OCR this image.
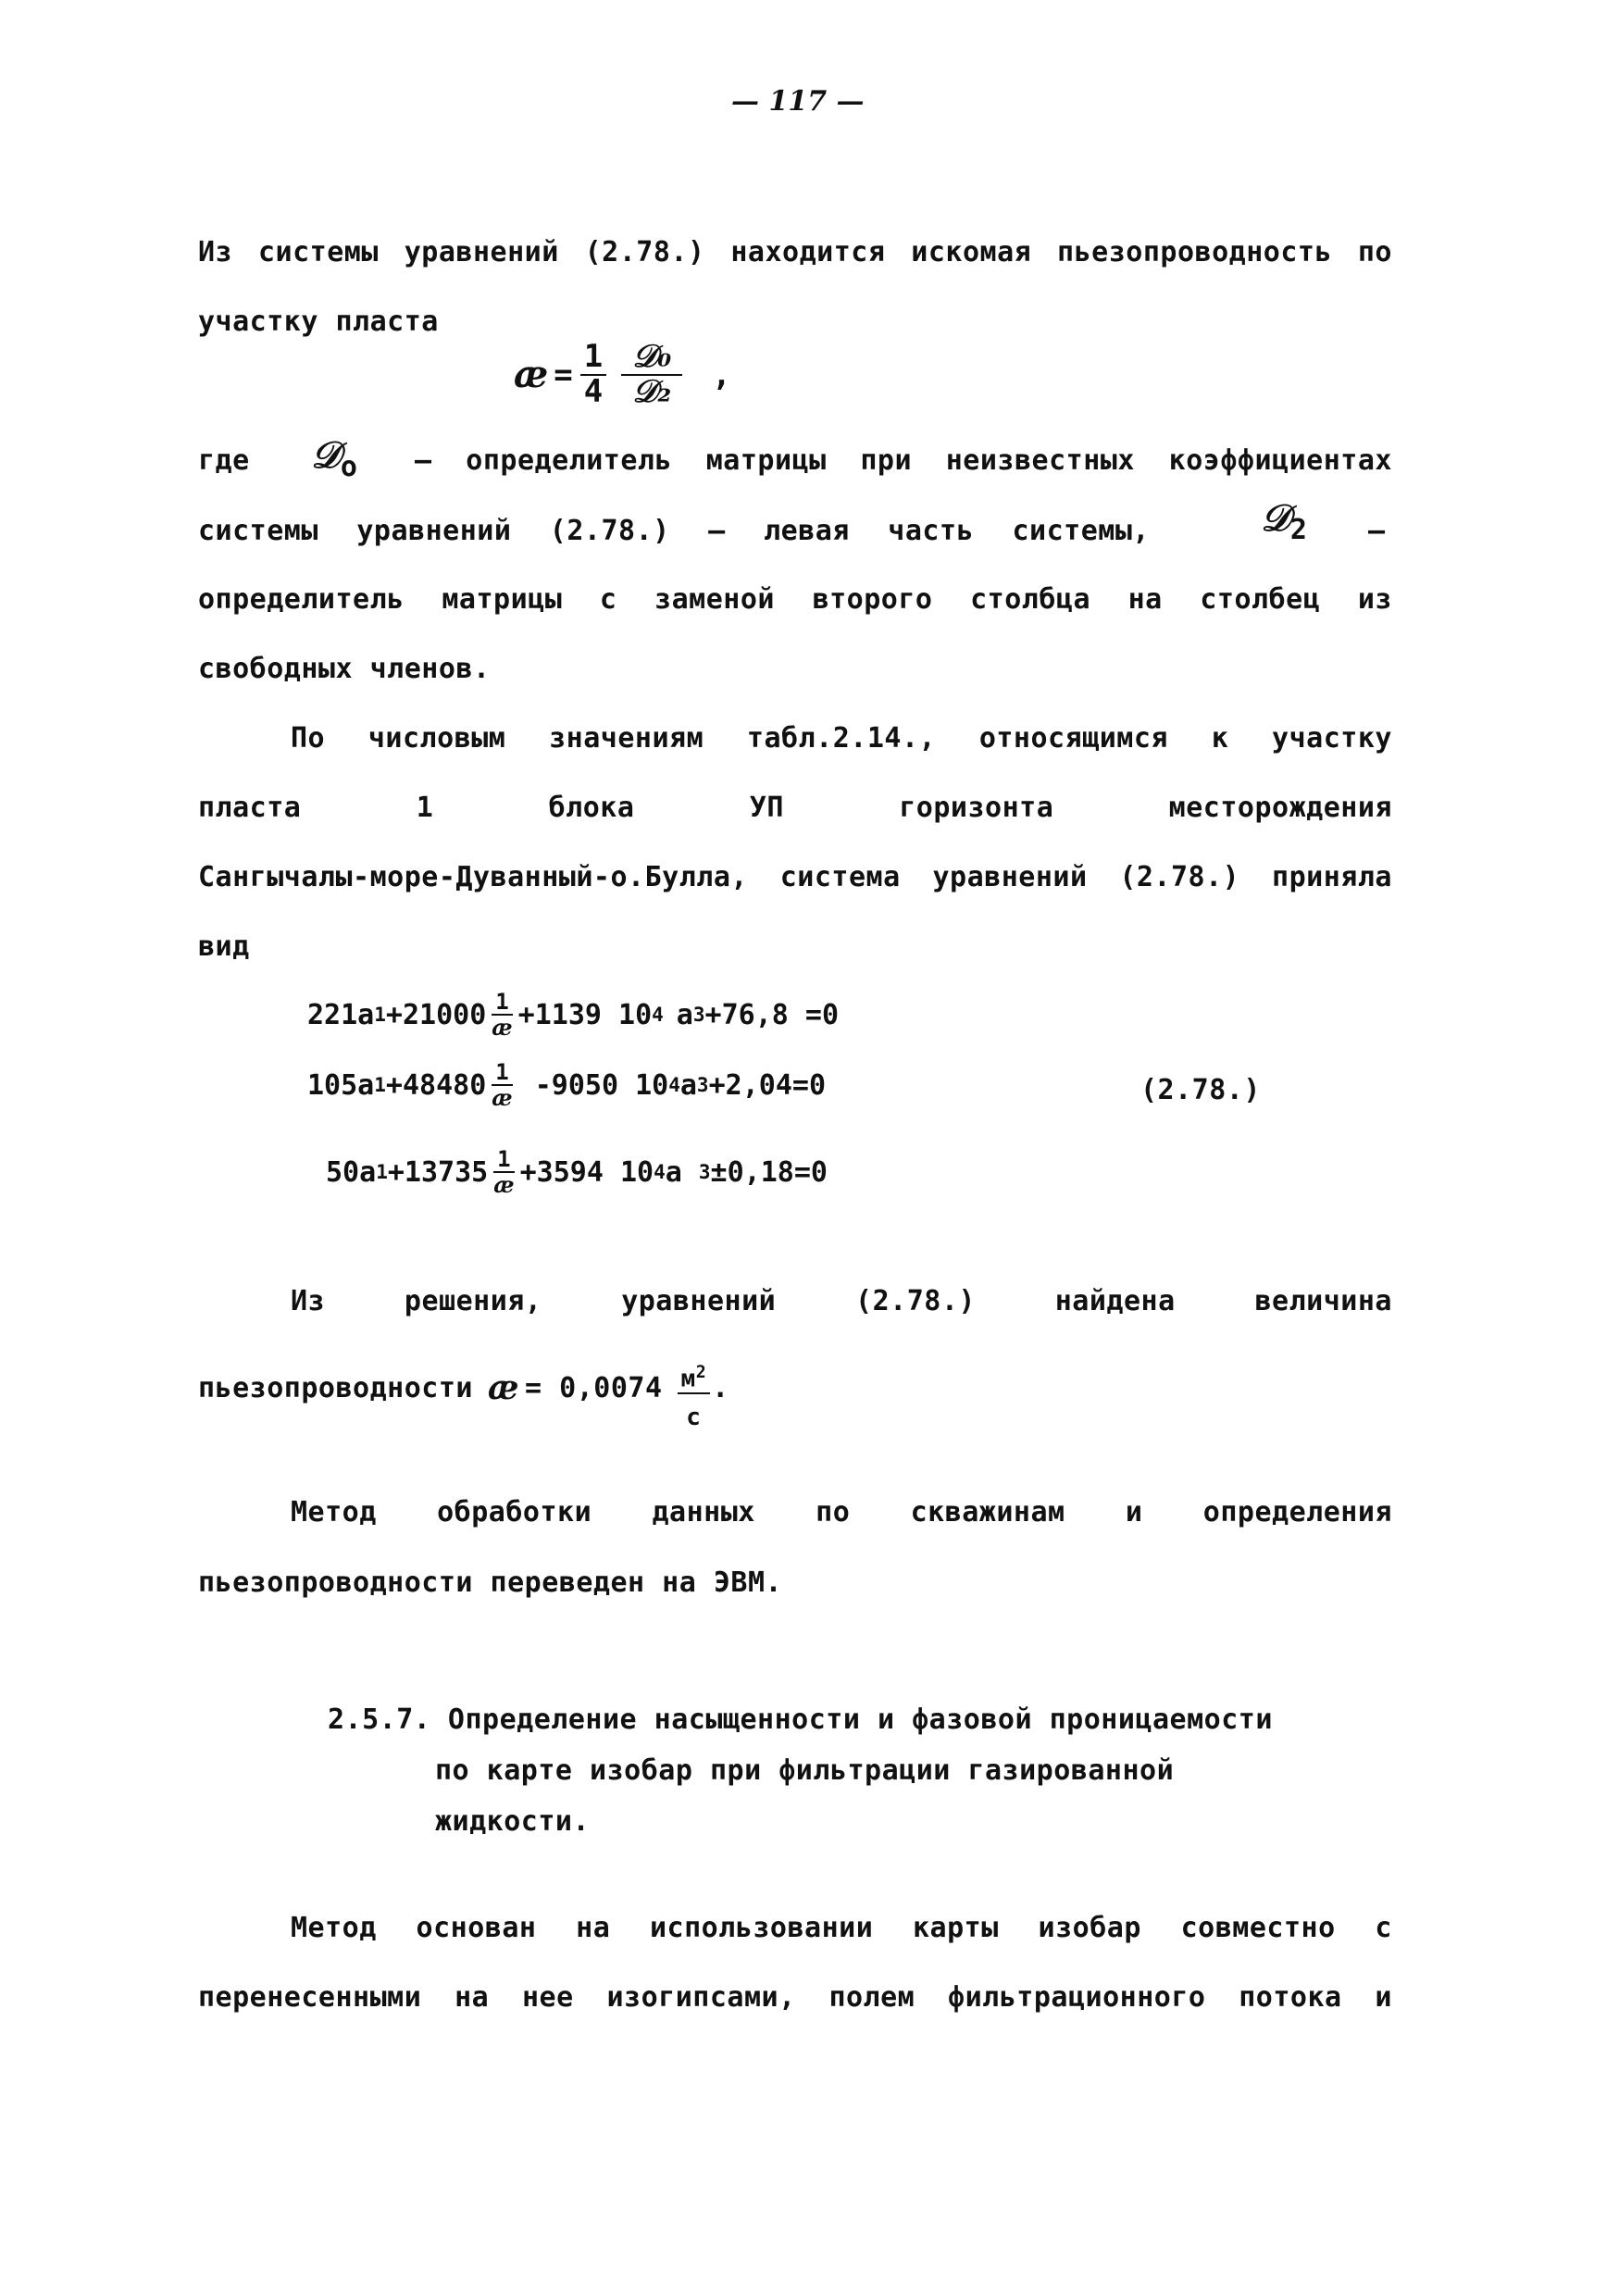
— 117 —
Из системы уравнений (2.78.) находится искомая пьезопроводность по
участку пласта
æ = $\frac{1}{4} \frac{\text{𝒟₀}}{\text{𝒟₂}}$ ,
где 𝒟$_o$ — определитель матрицы при неизвестных коэффициентах
системы уравнений (2.78.) — левая часть системы,	𝒟$_2$ —
определитель матрицы с заменой второго столбца на столбец из
свободных членов.
По числовым значениям табл.2.14., относящимся к участку
пласта	1	блока	УП	горизонта	месторождения
Сангычалы-море-Дуванный-о.Булла, система уравнений (2.78.) приняла
вид
221a $1 +21000 \frac{1}{æ} +1139$ 10 4 a 3 +76,8 =0
105a $1 +48480 \frac{1}{æ} -9050$ 10 4 a 3 +2,04=0	(2.78.)
50a $1 +13735 \frac{1}{æ} +3594$ 10 4 a 3 ±0,18=0
Из	решения,	уравнений	(2.78.)	найдена	величина
пьезопроводности æ = $0,0074 \frac{м^2}{с}$ .
Метод обработки данных по скважинам и определения
пьезопроводности переведен на ЭВМ.
2.5.7. Определение насыщенности и фазовой проницаемости
по карте изобар при фильтрации газированной
жидкости.
Метод основан на использовании карты изобар совместно с
перенесенными на нее изогипсами, полем фильтрационного потока и
